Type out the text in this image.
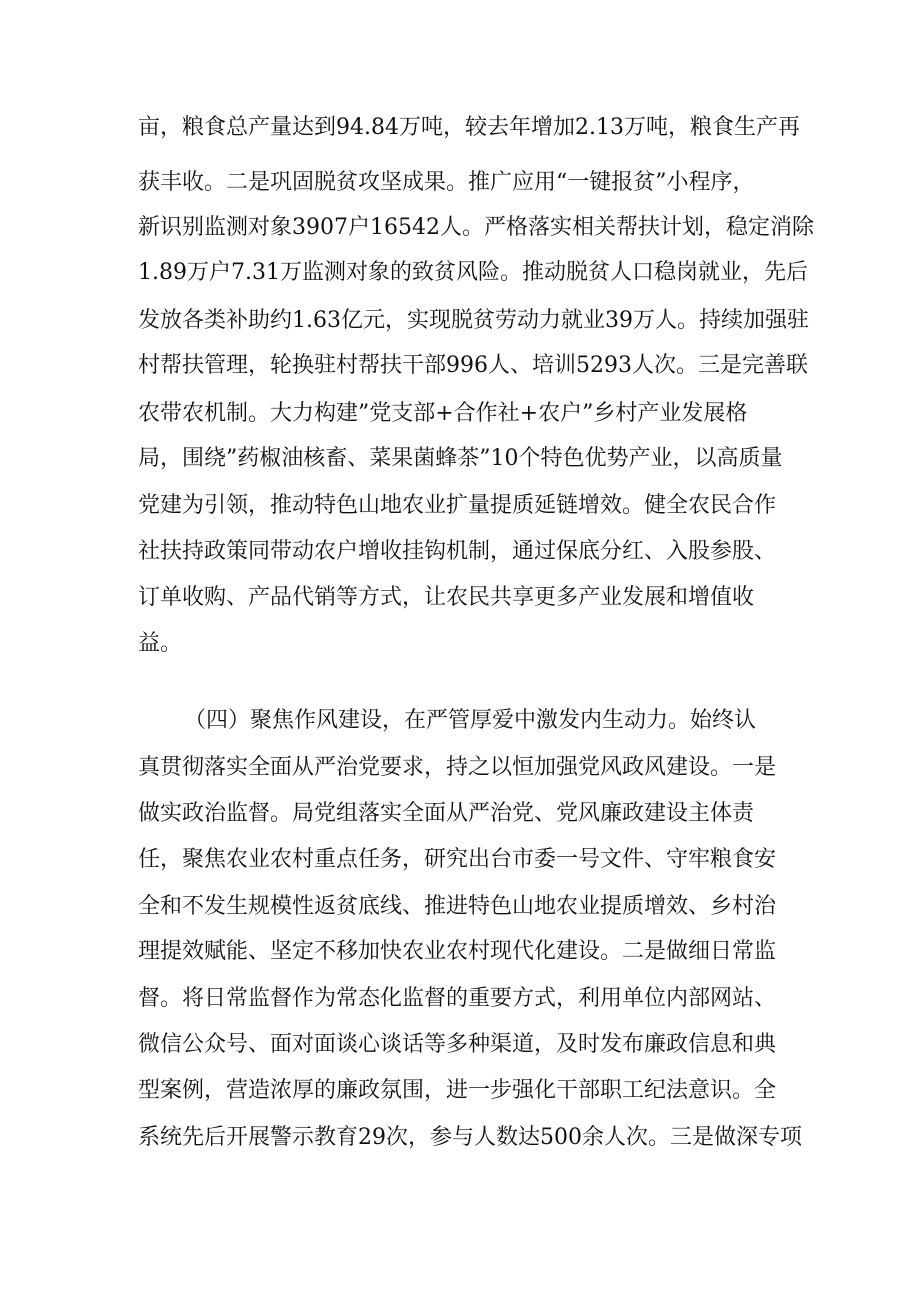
亩，粮食总产量达到94.84万吨，较去年增加2.13万吨，粮食生产再
获丰收。二是巩固脱贫攻坚成果。推广应用“一键报贫”小程序，
新识别监测对象3907户16542人。严格落实相关帮扶计划，稳定消除
1.89万户7.31万监测对象的致贫风险。推动脱贫人口稳岗就业，先后
发放各类补助约1.63亿元，实现脱贫劳动力就业39万人。持续加强驻
村帮扶管理，轮换驻村帮扶干部996人、培训5293人次。三是完善联
农带农机制。大力构建”党支部+合作社+农户”乡村产业发展格
局，围绕”药椒油核畜、菜果菌蜂茶”10个特色优势产业，以高质量
党建为引领，推动特色山地农业扩量提质延链增效。健全农民合作
社扶持政策同带动农户增收挂钩机制，通过保底分红、入股参股、
订单收购、产品代销等方式，让农民共享更多产业发展和增值收
益。
（四）聚焦作风建设，在严管厚爱中激发内生动力。始终认
真贯彻落实全面从严治党要求，持之以恒加强党风政风建设。一是
做实政治监督。局党组落实全面从严治党、党风廉政建设主体责
任，聚焦农业农村重点任务，研究出台市委一号文件、守牢粮食安
全和不发生规模性返贫底线、推进特色山地农业提质增效、乡村治
理提效赋能、坚定不移加快农业农村现代化建设。二是做细日常监
督。将日常监督作为常态化监督的重要方式，利用单位内部网站、
微信公众号、面对面谈心谈话等多种渠道，及时发布廉政信息和典
型案例，营造浓厚的廉政氛围，进一步强化干部职工纪法意识。全
系统先后开展警示教育29次，参与人数达500余人次。三是做深专项
